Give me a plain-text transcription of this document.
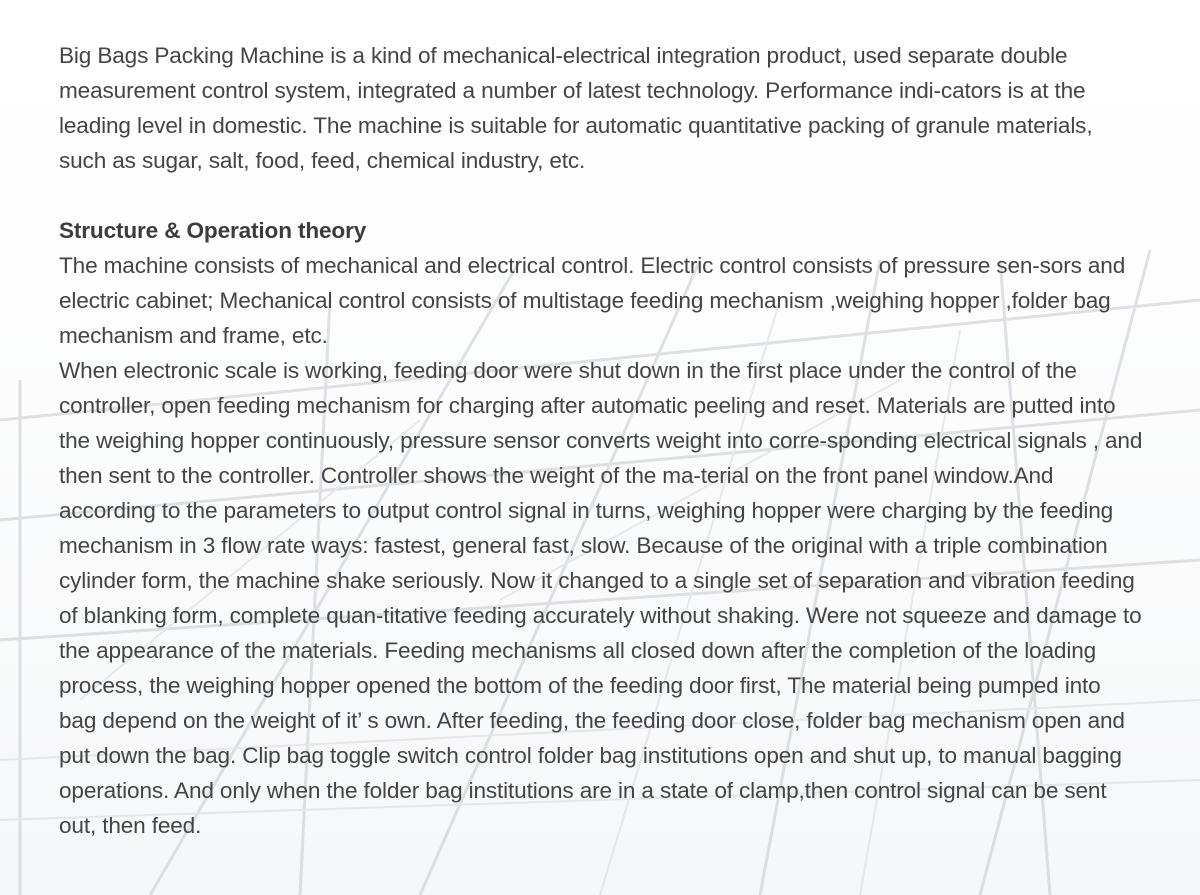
Big Bags Packing Machine is a kind of mechanical-electrical integration product, used separate double measurement control system, integrated a number of latest technology. Performance indi-cators is at the leading level in domestic. The machine is suitable for automatic quantitative packing of granule materials, such as sugar, salt, food, feed, chemical industry, etc.

Structure & Operation theory

The machine consists of mechanical and electrical control. Electric control consists of pressure sen-sors and electric cabinet; Mechanical control consists of multistage feeding mechanism ,weighing hopper ,folder bag mechanism and frame, etc.

When electronic scale is working, feeding door were shut down in the first place under the control of the controller, open feeding mechanism for charging after automatic peeling and reset. Materials are putted into the weighing hopper continuously, pressure sensor converts weight into corre-sponding electrical signals , and then sent to the controller. Controller shows the weight of the ma-terial on the front panel window.And according to the parameters to output control signal in turns, weighing hopper were charging by the feeding mechanism in 3 flow rate ways: fastest, general fast, slow. Because of the original with a triple combination cylinder form, the machine shake seriously. Now it changed to a single set of separation and vibration feeding of blanking form, complete quan-titative feeding accurately without shaking. Were not squeeze and damage to the appearance of the materials. Feeding mechanisms all closed down after the completion of the loading process, the weighing hopper opened the bottom of the feeding door first, The material being pumped into bag depend on the weight of it’ s own. After feeding, the feeding door close, folder bag mechanism open and put down the bag. Clip bag toggle switch control folder bag institutions open and shut up, to manual bagging operations. And only when the folder bag institutions are in a state of clamp,then control signal can be sent out, then feed.
